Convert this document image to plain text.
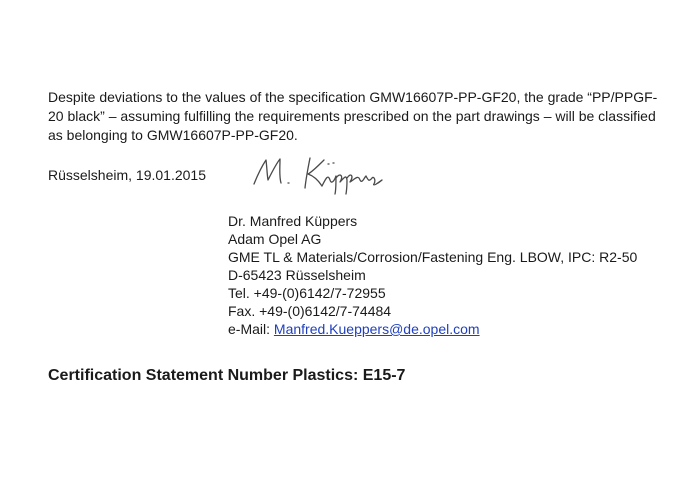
Despite deviations to the values of the specification GMW16607P-PP-GF20, the grade “PP/PPGF-20 black” – assuming fulfilling the requirements prescribed on the part drawings – will be classified as belonging to GMW16607P-PP-GF20.

Rüsselsheim, 19.01.2015

Dr. Manfred Küppers
Adam Opel AG
GME TL & Materials/Corrosion/Fastening Eng. LBOW, IPC: R2-50
D-65423 Rüsselsheim
Tel. +49-(0)6142/7-72955
Fax. +49-(0)6142/7-74484
e-Mail: Manfred.Kueppers@de.opel.com

Certification Statement Number Plastics: E15-7
